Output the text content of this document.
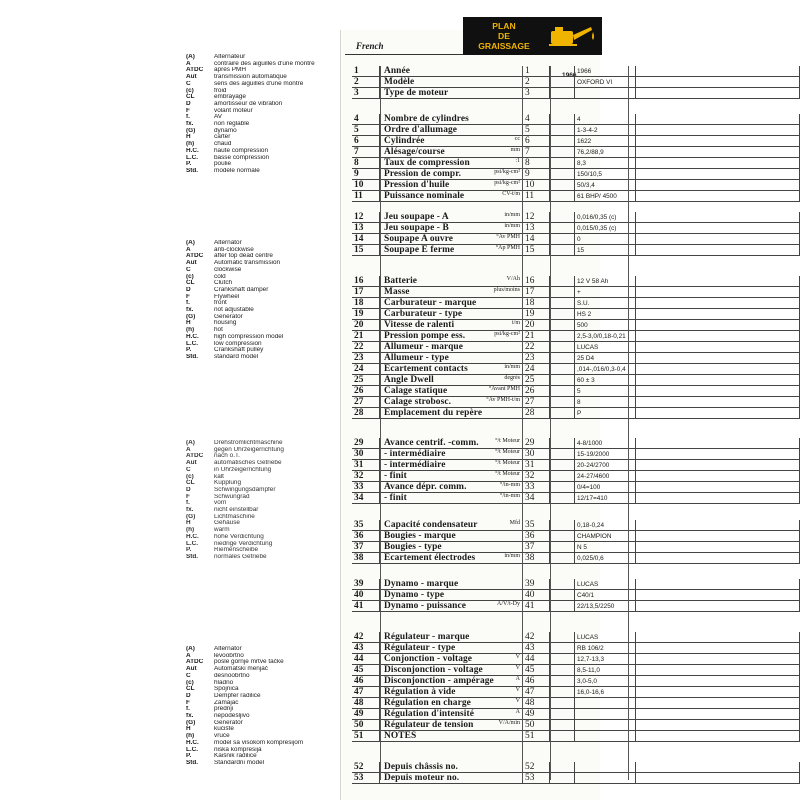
French
PLAN
DE
GRAISSAGE
(A)	Alternateur
A	contraire des aiguilles d'une montre
ATDC	après PMH
Aut	transmission automatique
C	sens des aiguilles d'une montre
(c)	froid
CL	embrayage
D	amortisseur de vibration
F	volant moteur
f.	AV
fx.	non réglable
(G)	dynamo
H	carter
(h)	chaud
H.C.	haute compression
L.C.	basse compression
P.	poulie
Std.	modèle normale
(A)	Alternator
A	anti-clockwise
ATDC	after top dead centre
Aut	Automatic transmission
C	clockwise
(c)	cold
CL	Clutch
D	Crankshaft damper
F	Flywheel
f.	front
fx.	not adjustable
(G)	Generator
H	housing
(h)	hot
H.C.	high compression model
L.C.	low compression
P.	Crankshaft pulley
Std.	standard model
(A)	Drehstromlichtmaschine
A	gegen Uhrzeigerrichtung
ATDC	nach o.T.
Aut	automatisches Getriebe
C	in Uhrzeigerrichtung
(c)	kalt
CL	Kupplung
D	Schwingungsdämpfer
F	Schwungrad
f.	vorn
fx.	nicht einstellbar
(G)	Lichtmaschine
H	Gehäuse
(h)	warm
H.C.	hohe Verdichtung
L.C.	niedrige Verdichtung
P.	Riemenscheibe
Std.	normales Getriebe
(A)	Alternator
A	levoobrtno
ATDC	posle gornje mrtve tačke
Aut	Automatski menjač
C	desnoobrtno
(c)	hladno
CL	Spojnica
D	Dempfer radilice
F	Zamajac
f.	prednji
fx.	nepodešljivo
(G)	Generator
H	kućište
(h)	vruće
H.C.	model sa visokom kompresijom
L.C.	niska kompresija
P.	Kaišnik radilice
Std.	Standardni model
1966
1	Année	1	1966
2	Modèle	2	OXFORD VI
3	Type de moteur	3
4	Nombre de cylindres	4	4
5	Ordre d'allumage	5	1-3-4-2
6	Cylindrée	cc 6	1622
7	Alésage/course	mm 7	76,2/88,9
8	Taux de compression	:1 8	8,3
9	Pression de compr.	psi/kg-cm² 9	150/10,5
10	Pression d'huile	psi/kg-cm² 10	50/3,4
11	Puissance nominale	CV-t/m 11	61 BHP/ 4500
12	Jeu soupape - A	in/mm 12	0,016/0,35 (c)
13	Jeu soupape - B	in/mm 13	0,015/0,35 (c)
14	Soupape A ouvre	°Av PMH 14	0
15	Soupape E ferme	°Ap PMH 15	15
16	Batterie	V/Ah 16	12 V 58 Ah
17	Masse	plus/moins 17	+
18	Carburateur - marque	18	S.U.
19	Carburateur - type	19	HS 2
20	Vitesse de ralenti	t/m 20	500
21	Pression pompe ess.	psi/kg-cm² 21	2,5-3,0/0,18-0,21
22	Allumeur - marque	22	LUCAS
23	Allumeur - type	23	25 D4
24	Ecartement contacts	in/mm 24	,014-,016/0,3-0,4
25	Angle Dwell	degrés 25	60 ± 3
26	Calage statique	°Avant PMH 26	5
27	Calage strobosc.	°Av PMH-t/m 27	8
28	Emplacement du repère	28	P
29	Avance centrif. -comm.	°/t Moteur 29	4-8/1000
30	- intermédiaire	°/t Moteur 30	15-19/2000
31	- intermédiaire	°/t Moteur 31	20-24/2700
32	- finit	°/t Moteur 32	24-27/4600
33	Avance dépr. comm.	°/in-mm 33	0/4=100
34	- finit	°/in-mm 34	12/17=410
35	Capacité condensateur	Mfd 35	0,18-0,24
36	Bougies - marque	36	CHAMPION
37	Bougies - type	37	N 5
38	Ecartement électrodes	in/mm 38	0,025/0,6
39	Dynamo - marque	39	LUCAS
40	Dynamo - type	40	C40/1
41	Dynamo - puissance	A/V/t-Dy 41	22/13,5/2250
42	Régulateur - marque	42	LUCAS
43	Régulateur - type	43	RB 106/2
44	Conjonction - voltage	V 44	12,7-13,3
45	Disconjonction - voltage	V 45	8,5-11,0
46	Disconjonction - ampérage	A 46	3,0-5,0
47	Régulation à vide	V 47	16,0-16,6
48	Régulation en charge	V 48
49	Régulation d'intensité	A 49
50	Régulateur de tension	V/A/min 50
51	NOTES	51
52	Depuis châssis no.	52
53	Depuis moteur no.	53
